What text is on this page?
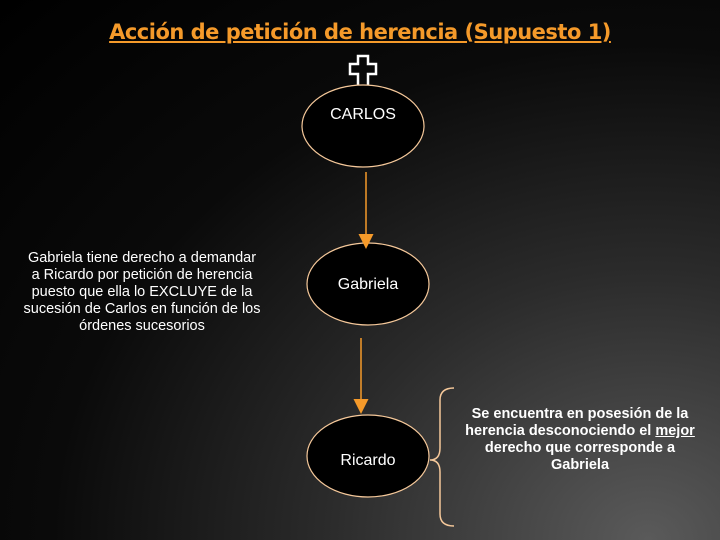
Acción de petición de herencia (Supuesto 1)
CARLOS
Gabriela
Ricardo
Gabriela tiene derecho a demandar a Ricardo por petición de herencia puesto que ella lo EXCLUYE de la sucesión de Carlos en función de los órdenes sucesorios
Se encuentra en posesión de la herencia desconociendo el mejor derecho que corresponde a Gabriela
